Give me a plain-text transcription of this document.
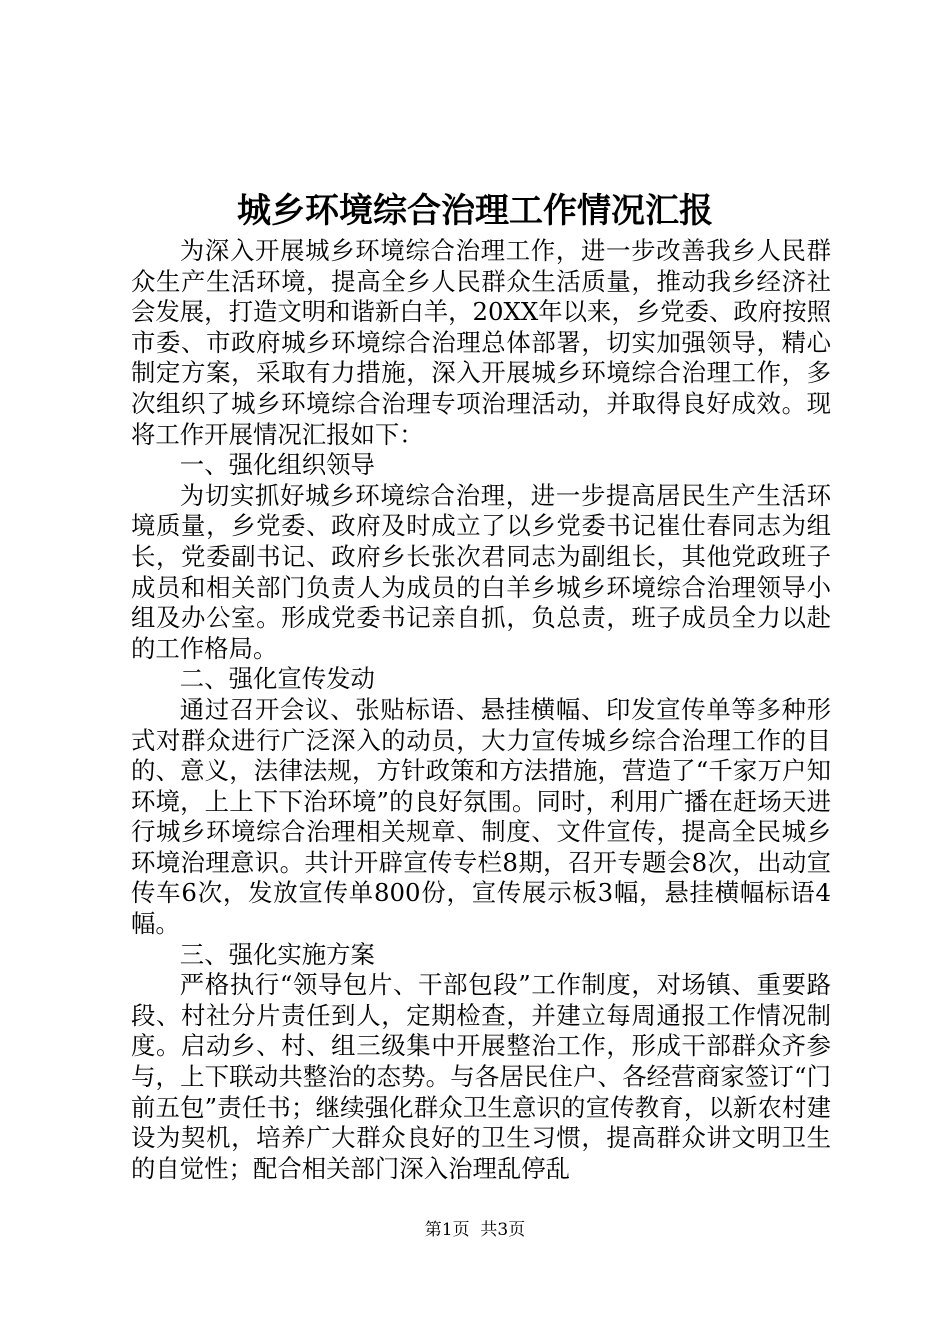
城乡环境综合治理工作情况汇报

为深入开展城乡环境综合治理工作，进一步改善我乡人民群众生产生活环境，提高全乡人民群众生活质量，推动我乡经济社会发展，打造文明和谐新白羊，20XX年以来，乡党委、政府按照市委、市政府城乡环境综合治理总体部署，切实加强领导，精心制定方案，采取有力措施，深入开展城乡环境综合治理工作，多次组织了城乡环境综合治理专项治理活动，并取得良好成效。现将工作开展情况汇报如下：

一、强化组织领导

为切实抓好城乡环境综合治理，进一步提高居民生产生活环境质量，乡党委、政府及时成立了以乡党委书记崔仕春同志为组长，党委副书记、政府乡长张次君同志为副组长，其他党政班子成员和相关部门负责人为成员的白羊乡城乡环境综合治理领导小组及办公室。形成党委书记亲自抓，负总责，班子成员全力以赴的工作格局。

二、强化宣传发动

通过召开会议、张贴标语、悬挂横幅、印发宣传单等多种形式对群众进行广泛深入的动员，大力宣传城乡综合治理工作的目的、意义，法律法规，方针政策和方法措施，营造了“千家万户知环境，上上下下治环境”的良好氛围。同时，利用广播在赶场天进行城乡环境综合治理相关规章、制度、文件宣传，提高全民城乡环境治理意识。共计开辟宣传专栏8期，召开专题会8次，出动宣传车6次，发放宣传单800份，宣传展示板3幅，悬挂横幅标语4幅。

三、强化实施方案

严格执行“领导包片、干部包段”工作制度，对场镇、重要路段、村社分片责任到人，定期检查，并建立每周通报工作情况制度。启动乡、村、组三级集中开展整治工作，形成干部群众齐参与，上下联动共整治的态势。与各居民住户、各经营商家签订“门前五包”责任书；继续强化群众卫生意识的宣传教育，以新农村建设为契机，培养广大群众良好的卫生习惯，提高群众讲文明卫生的自觉性；配合相关部门深入治理乱停乱

第1页 共3页
